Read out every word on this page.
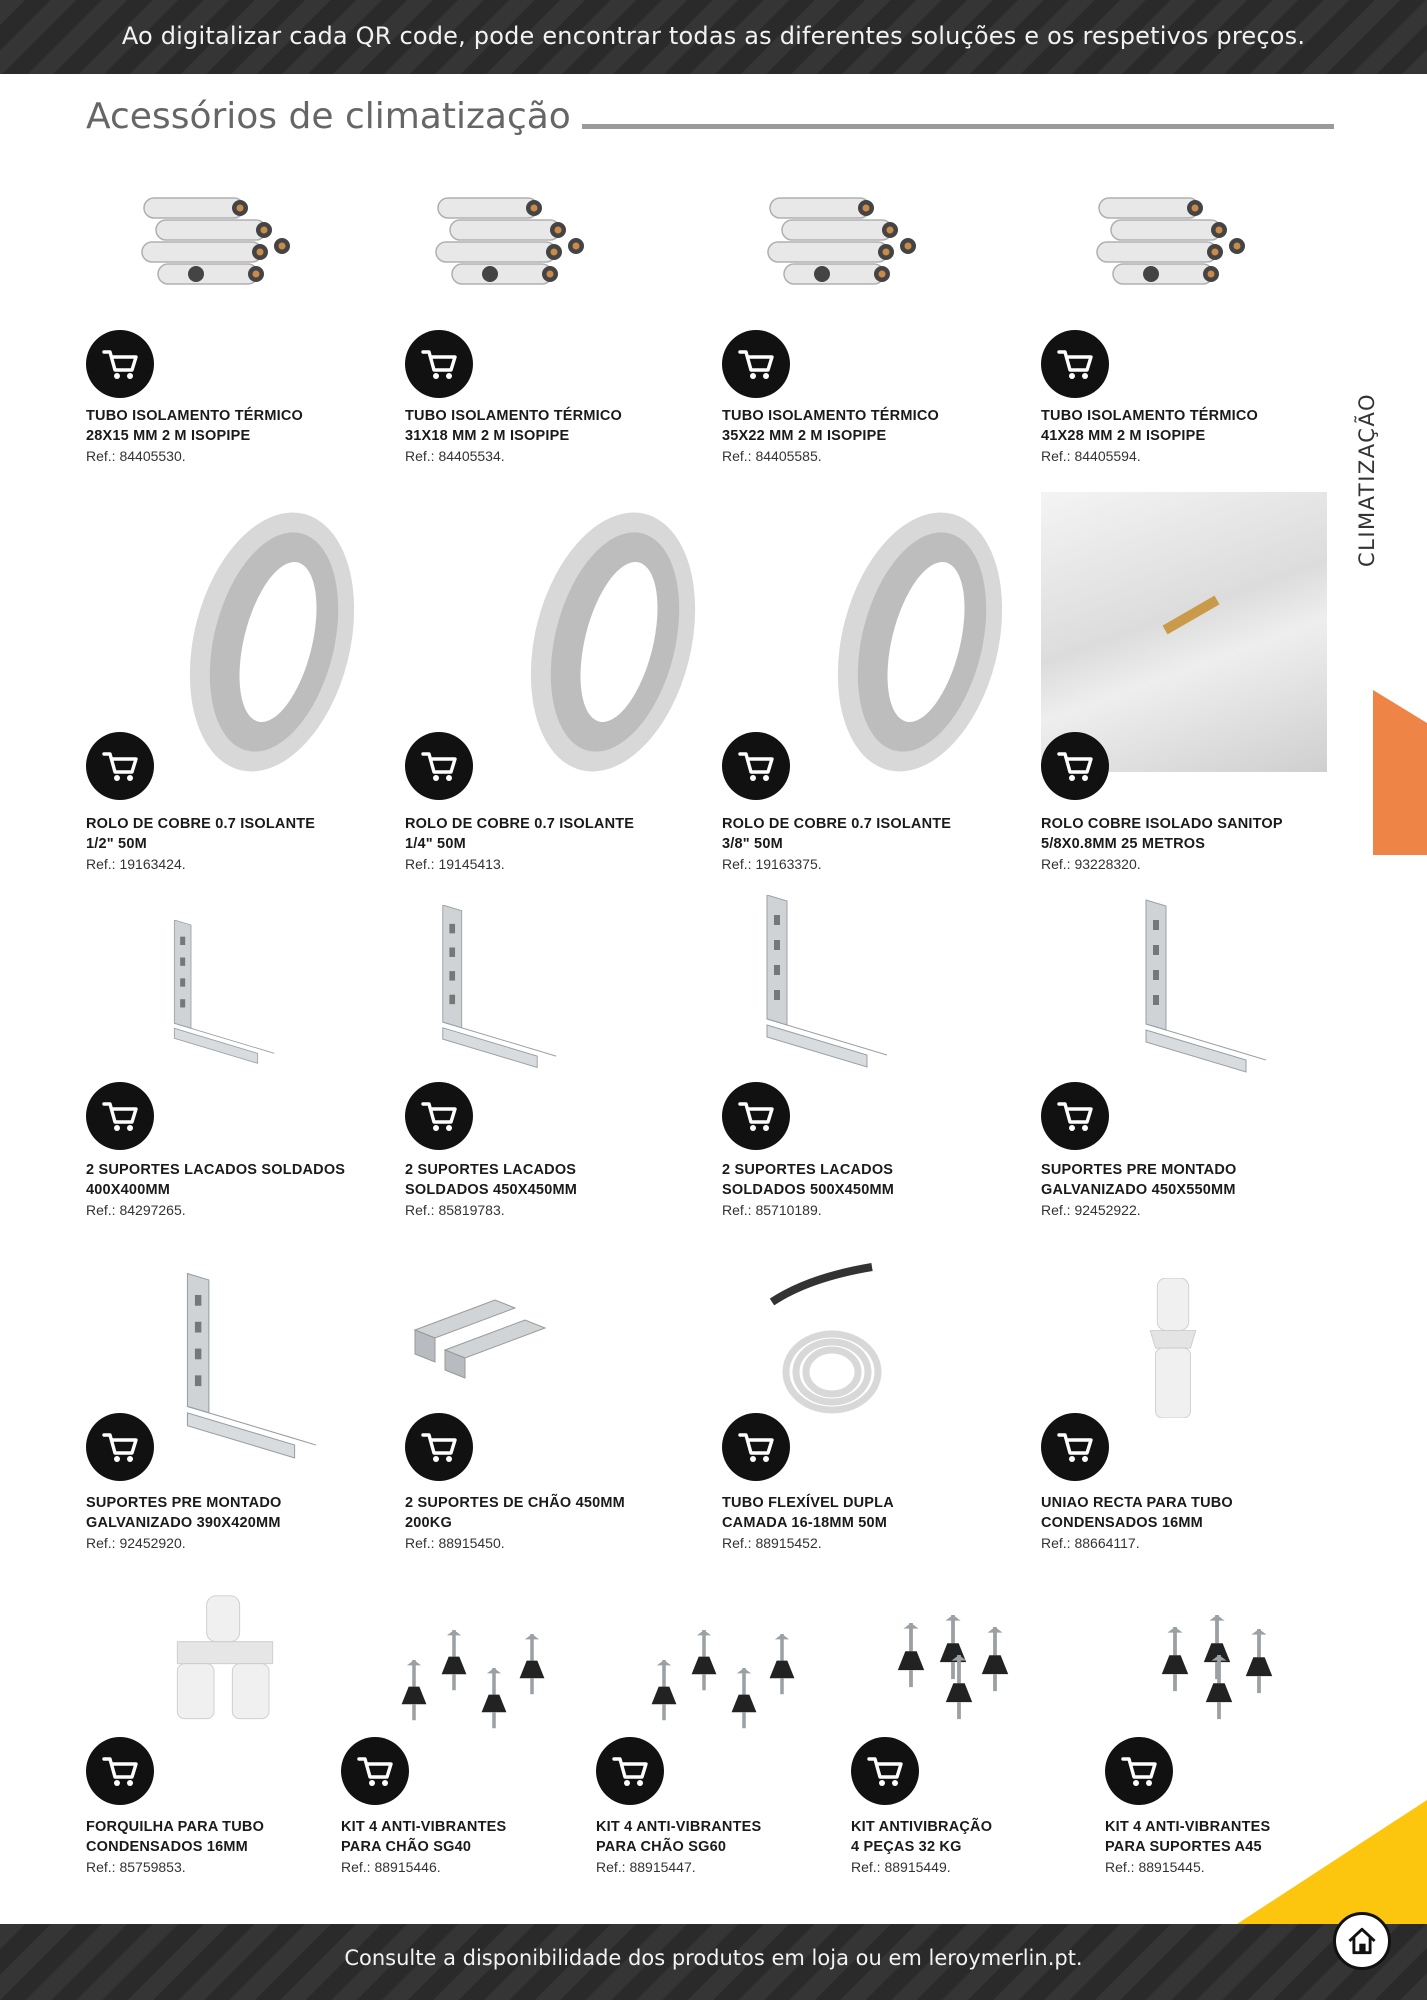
Ao digitalizar cada QR code, pode encontrar todas as diferentes soluções e os respetivos preços.
Acessórios de climatização
CLIMATIZAÇÃO
TUBO ISOLAMENTO TÉRMICO
28X15 MM 2 M ISOPIPE
Ref.: 84405530.
TUBO ISOLAMENTO TÉRMICO
31X18 MM 2 M ISOPIPE
Ref.: 84405534.
TUBO ISOLAMENTO TÉRMICO
35X22 MM 2 M ISOPIPE
Ref.: 84405585.
TUBO ISOLAMENTO TÉRMICO
41X28 MM 2 M ISOPIPE
Ref.: 84405594.
ROLO DE COBRE 0.7 ISOLANTE
1/2" 50M
Ref.: 19163424.
ROLO DE COBRE 0.7 ISOLANTE
1/4" 50M
Ref.: 19145413.
ROLO DE COBRE 0.7 ISOLANTE
3/8" 50M
Ref.: 19163375.
ROLO COBRE ISOLADO SANITOP
5/8X0.8MM 25 METROS
Ref.: 93228320.
2 SUPORTES LACADOS SOLDADOS
400X400MM
Ref.: 84297265.
2 SUPORTES LACADOS
SOLDADOS 450X450MM
Ref.: 85819783.
2 SUPORTES LACADOS
SOLDADOS 500X450MM
Ref.: 85710189.
SUPORTES PRE MONTADO
GALVANIZADO 450X550MM
Ref.: 92452922.
SUPORTES PRE MONTADO
GALVANIZADO 390X420MM
Ref.: 92452920.
2 SUPORTES DE CHÃO 450MM
200KG
Ref.: 88915450.
TUBO FLEXÍVEL DUPLA
CAMADA 16-18MM 50M
Ref.: 88915452.
UNIAO RECTA PARA TUBO
CONDENSADOS 16MM
Ref.: 88664117.
FORQUILHA PARA TUBO
CONDENSADOS 16MM
Ref.: 85759853.
KIT 4 ANTI-VIBRANTES
PARA CHÃO SG40
Ref.: 88915446.
KIT 4 ANTI-VIBRANTES
PARA CHÃO SG60
Ref.: 88915447.
KIT ANTIVIBRAÇÃO
4 PEÇAS 32 KG
Ref.: 88915449.
KIT 4 ANTI-VIBRANTES
PARA SUPORTES A45
Ref.: 88915445.
Consulte a disponibilidade dos produtos em loja ou em leroymerlin.pt.
